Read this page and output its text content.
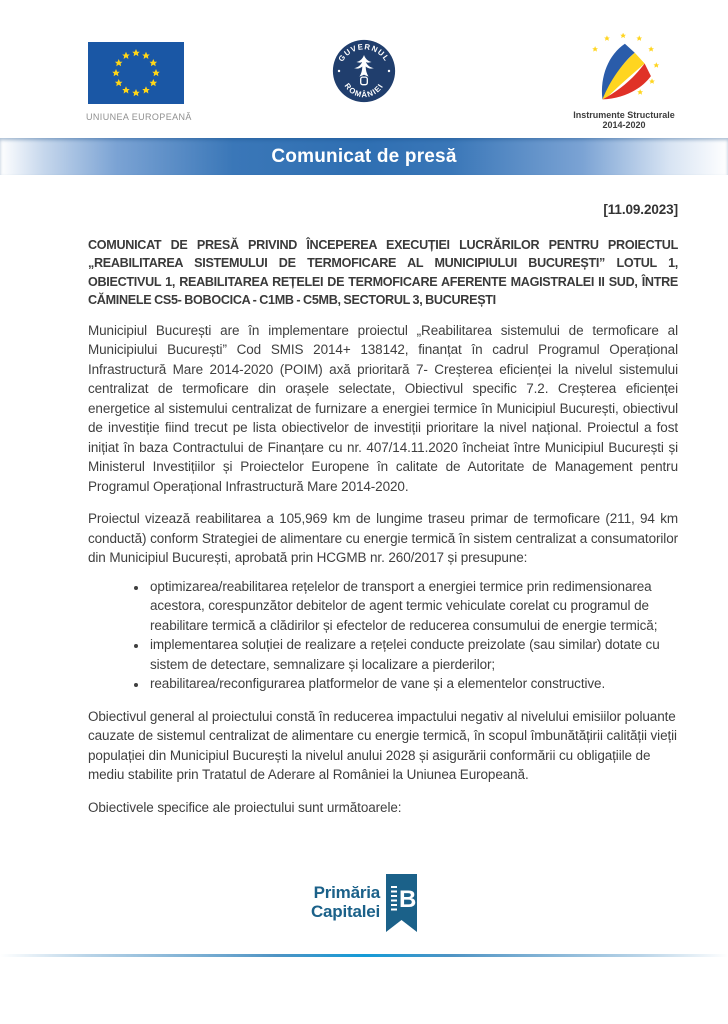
UNIUNEA EUROPEANĂ
GUVERNUL
ROMÂNIEI
Instrumente Structurale
2014-2020
Comunicat de presă
[11.09.2023]
COMUNICAT DE PRESĂ PRIVIND ÎNCEPEREA EXECUȚIEI LUCRĂRILOR PENTRU PROIECTUL „REABILITAREA SISTEMULUI DE TERMOFICARE AL MUNICIPIULUI BUCUREȘTI” LOTUL 1, OBIECTIVUL 1, REABILITAREA REȚELEI DE TERMOFICARE AFERENTE MAGISTRALEI II SUD, ÎNTRE CĂMINELE CS5- BOBOCICA - C1MB - C5MB, SECTORUL 3, BUCUREȘTI

Municipiul București are în implementare proiectul „Reabilitarea sistemului de termoficare al Municipiului București” Cod SMIS 2014+ 138142, finanțat în cadrul Programul Operațional Infrastructură Mare 2014-2020 (POIM) axă prioritară 7- Creșterea eficienței la nivelul sistemului centralizat de termoficare din orașele selectate, Obiectivul specific 7.2. Creșterea eficienței energetice al sistemului centralizat de furnizare a energiei termice în Municipiul București, obiectivul de investiție fiind trecut pe lista obiectivelor de investiții prioritare la nivel național. Proiectul a fost inițiat în baza Contractului de Finanțare cu nr. 407/14.11.2020 încheiat între Municipiul București și Ministerul Investițiilor și Proiectelor Europene în calitate de Autoritate de Management pentru Programul Operațional Infrastructură Mare 2014-2020.

Proiectul vizează reabilitarea a 105,969 km de lungime traseu primar de termoficare (211, 94 km conductă) conform Strategiei de alimentare cu energie termică în sistem centralizat a consumatorilor din Municipiul București, aprobată prin HCGMB nr. 260/2017 și presupune:

• optimizarea/reabilitarea rețelelor de transport a energiei termice prin redimensionarea acestora, corespunzător debitelor de agent termic vehiculate corelat cu programul de reabilitare termică a clădirilor și efectelor de reducerea consumului de energie termică;
• implementarea soluției de realizare a rețelei conducte preizolate (sau similar) dotate cu sistem de detectare, semnalizare și localizare a pierderilor;
• reabilitarea/reconfigurarea platformelor de vane și a elementelor constructive.

Obiectivul general al proiectului constă în reducerea impactului negativ al nivelului emisiilor poluante cauzate de sistemul centralizat de alimentare cu energie termică, în scopul îmbunătățirii calității vieții populației din Municipiul București la nivelul anului 2028 și asigurării conformării cu obligațiile de mediu stabilite prin Tratatul de Aderare al României la Uniunea Europeană.

Obiectivele specifice ale proiectului sunt următoarele:

Primăria
Capitalei B
